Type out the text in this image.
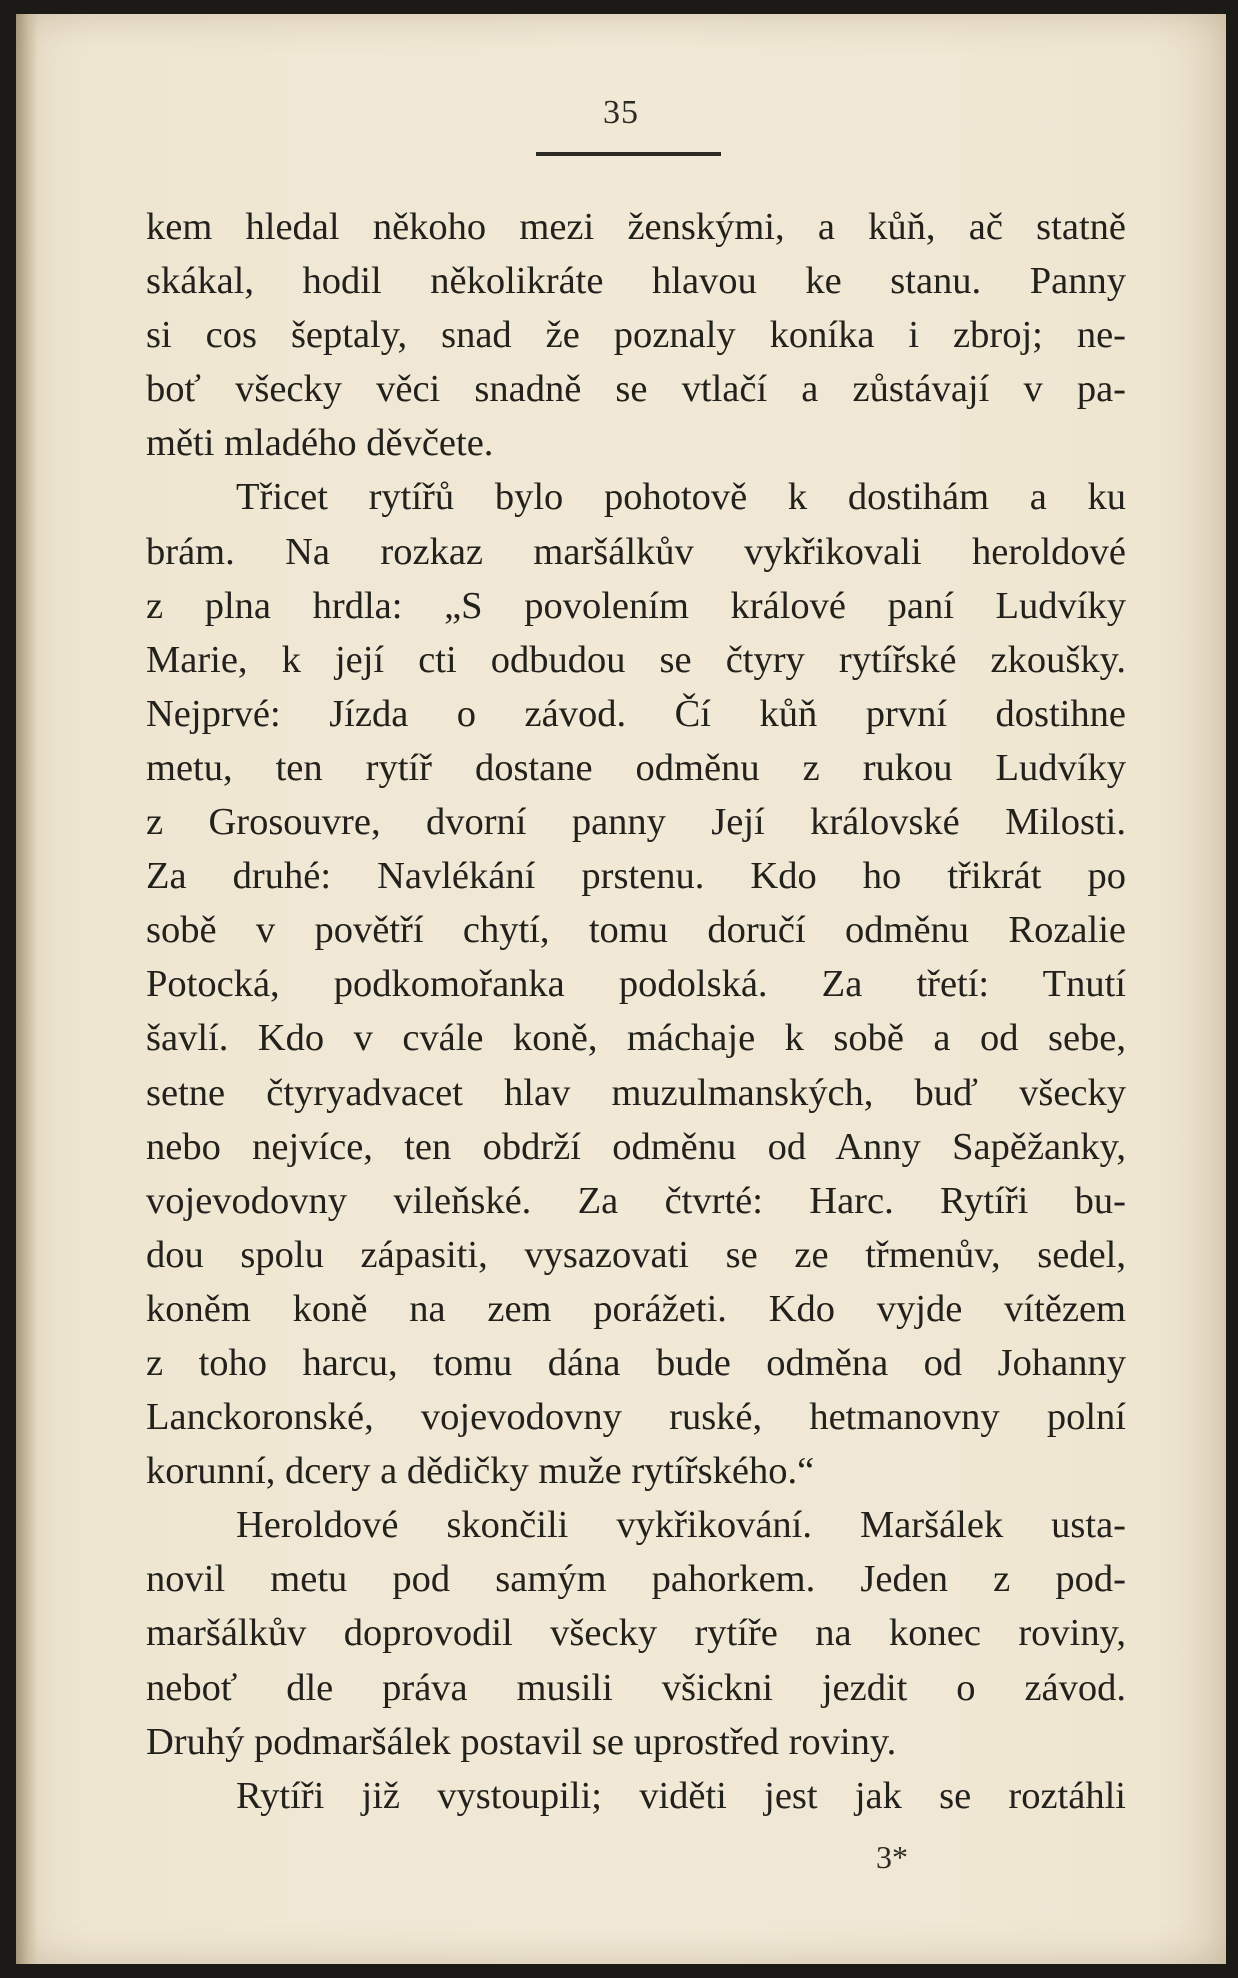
35
kem hledal někoho mezi ženskými, a kůň, ač statně
skákal, hodil několikráte hlavou ke stanu. Panny
si cos šeptaly, snad že poznaly koníka i zbroj; ne-
boť všecky věci snadně se vtlačí a zůstávají v pa-
měti mladého děvčete.
Třicet rytířů bylo pohotově k dostihám a ku
brám. Na rozkaz maršálkův vykřikovali heroldové
z plna hrdla: „S povolením králové paní Ludvíky
Marie, k její cti odbudou se čtyry rytířské zkoušky.
Nejprvé: Jízda o závod. Čí kůň první dostihne
metu, ten rytíř dostane odměnu z rukou Ludvíky
z Grosouvre, dvorní panny Její královské Milosti.
Za druhé: Navlékání prstenu. Kdo ho třikrát po
sobě v povětří chytí, tomu doručí odměnu Rozalie
Potocká, podkomořanka podolská. Za třetí: Tnutí
šavlí. Kdo v cvále koně, máchaje k sobě a od sebe,
setne čtyryadvacet hlav muzulmanských, buď všecky
nebo nejvíce, ten obdrží odměnu od Anny Sapěžanky,
vojevodovny vileňské. Za čtvrté: Harc. Rytíři bu-
dou spolu zápasiti, vysazovati se ze třmenův, sedel,
koněm koně na zem porážeti. Kdo vyjde vítězem
z toho harcu, tomu dána bude odměna od Johanny
Lanckoronské, vojevodovny ruské, hetmanovny polní
korunní, dcery a dědičky muže rytířského.“
Heroldové skončili vykřikování. Maršálek usta-
novil metu pod samým pahorkem. Jeden z pod-
maršálkův doprovodil všecky rytíře na konec roviny,
neboť dle práva musili všickni jezdit o závod.
Druhý podmaršálek postavil se uprostřed roviny.
Rytíři již vystoupili; viděti jest jak se roztáhli
3*
